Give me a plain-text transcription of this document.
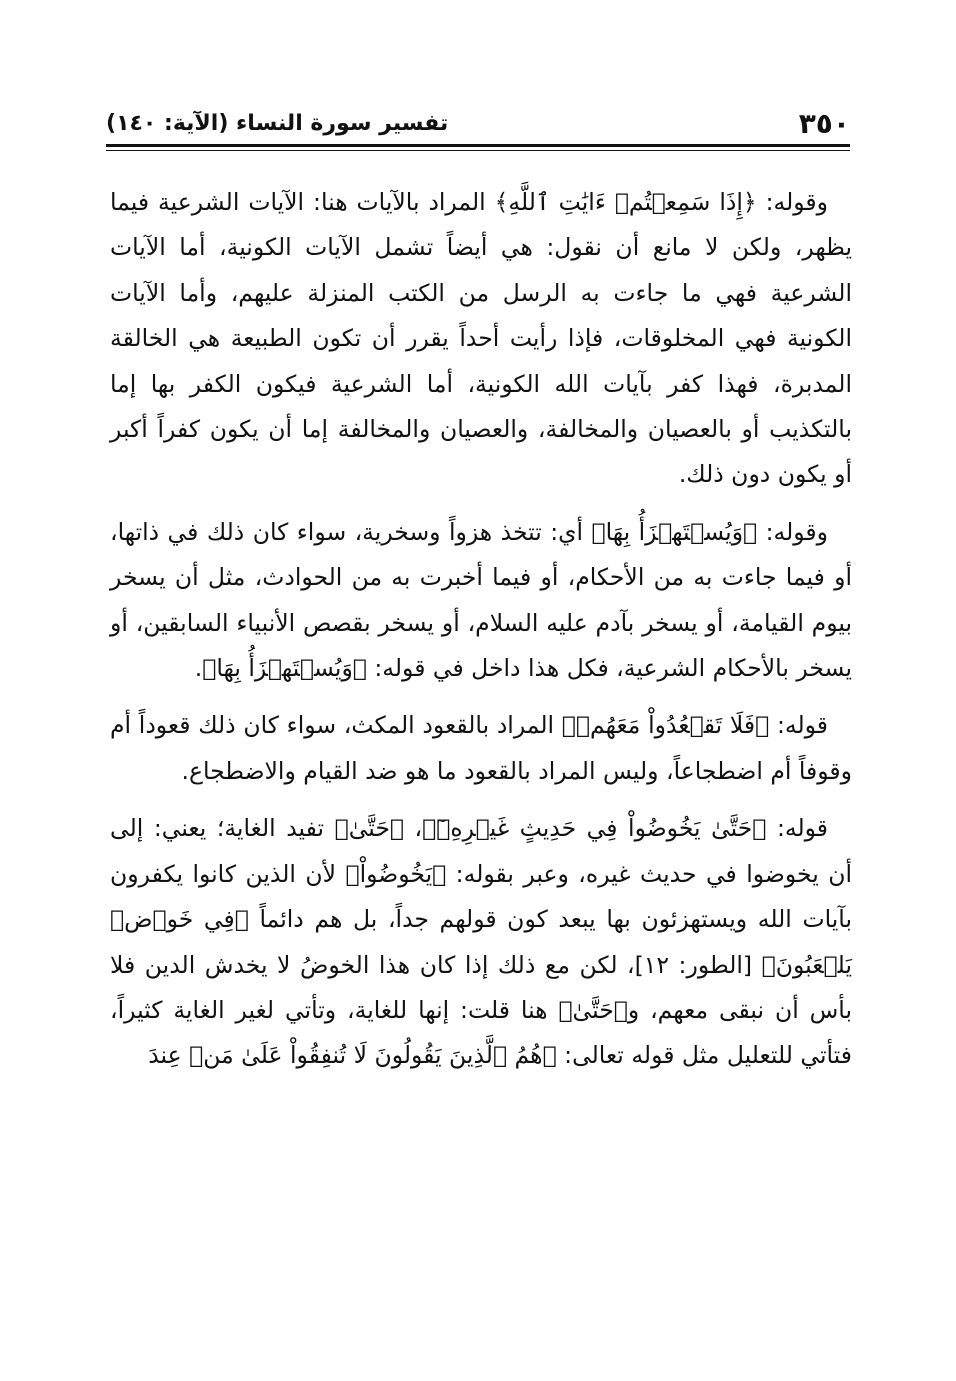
٣٥٠
تفسير سورة النساء (الآية: ١٤٠)

وقوله: ﴿إِذَا سَمِعۡتُمۡ ءَايَٰتِ ٱللَّهِ﴾ المراد بالآيات هنا: الآيات الشرعية فيما يظهر، ولكن لا مانع أن نقول: هي أيضاً تشمل الآيات الكونية، أما الآيات الشرعية فهي ما جاءت به الرسل من الكتب المنزلة عليهم، وأما الآيات الكونية فهي المخلوقات، فإذا رأيت أحداً يقرر أن تكون الطبيعة هي الخالقة المدبرة، فهذا كفر بآيات الله الكونية، أما الشرعية فيكون الكفر بها إما بالتكذيب أو بالعصيان والمخالفة، والعصيان والمخالفة إما أن يكون كفراً أكبر أو يكون دون ذلك.

وقوله: ﴿وَيُسۡتَهۡزَأُ بِهَا﴾ أي: تتخذ هزواً وسخرية، سواء كان ذلك في ذاتها، أو فيما جاءت به من الأحكام، أو فيما أخبرت به من الحوادث، مثل أن يسخر بيوم القيامة، أو يسخر بآدم عليه السلام، أو يسخر بقصص الأنبياء السابقين، أو يسخر بالأحكام الشرعية، فكل هذا داخل في قوله: ﴿وَيُسۡتَهۡزَأُ بِهَا﴾.

قوله: ﴿فَلَا تَقۡعُدُواْ مَعَهُمۡ﴾ المراد بالقعود المكث، سواء كان ذلك قعوداً أم وقوفاً أم اضطجاعاً، وليس المراد بالقعود ما هو ضد القيام والاضطجاع.

قوله: ﴿حَتَّىٰ يَخُوضُواْ فِي حَدِيثٍ غَيۡرِهِۦٓ﴾، ﴿حَتَّىٰ﴾ تفيد الغاية؛ يعني: إلى أن يخوضوا في حديث غيره، وعبر بقوله: ﴿يَخُوضُواْ﴾ لأن الذين كانوا يكفرون بآيات الله ويستهزئون بها يبعد كون قولهم جداً، بل هم دائماً ﴿فِي خَوۡضٖ يَلۡعَبُونَ﴾ [الطور: ١٢]، لكن مع ذلك إذا كان هذا الخوضُ لا يخدش الدين فلا بأس أن نبقى معهم، و﴿حَتَّىٰ﴾ هنا قلت: إنها للغاية، وتأتي لغير الغاية كثيراً، فتأتي للتعليل مثل قوله تعالى: ﴿هُمُ ٱلَّذِينَ يَقُولُونَ لَا تُنفِقُواْ عَلَىٰ مَنۡ عِندَ
